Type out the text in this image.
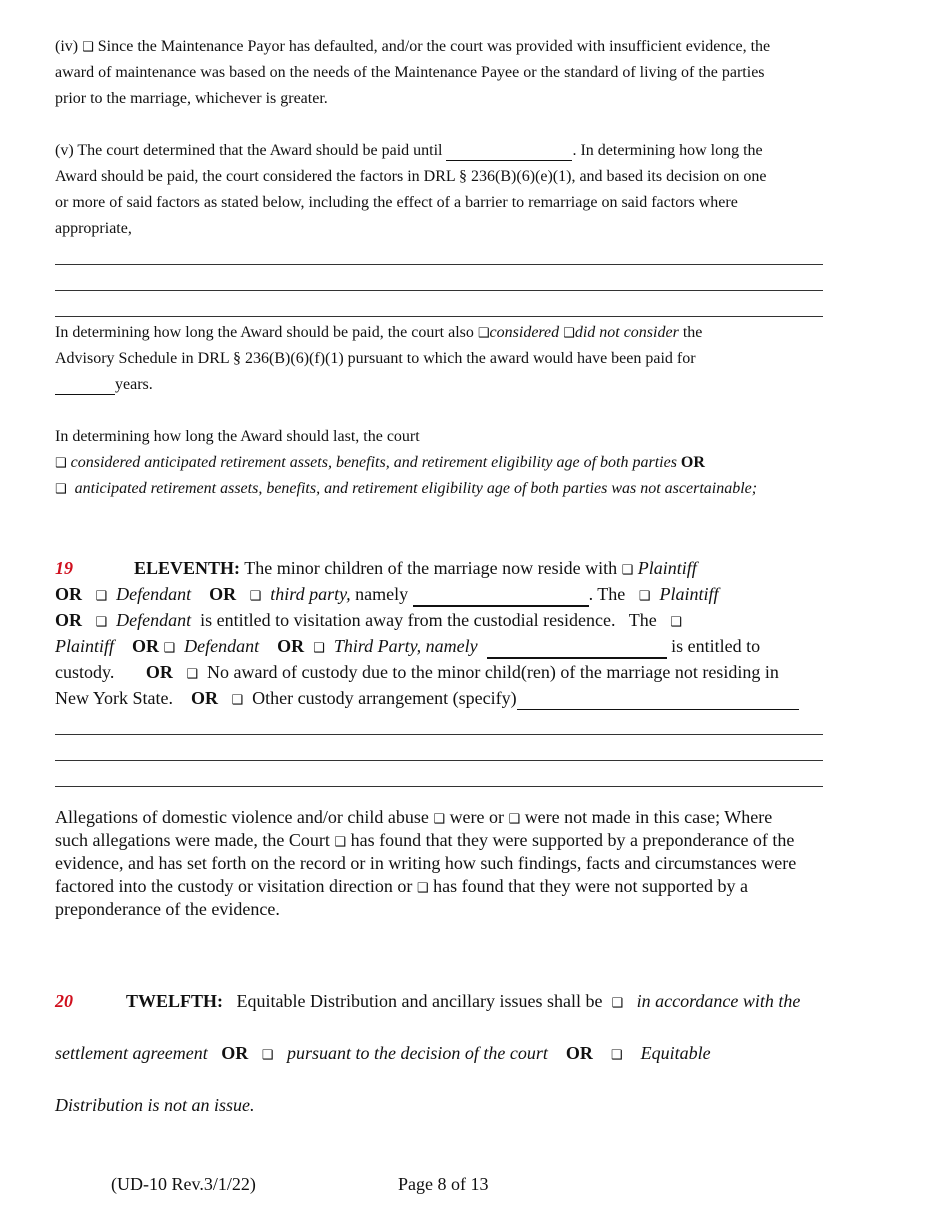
(iv) ❑ Since the Maintenance Payor has defaulted, and/or the court was provided with insufficient evidence, the
award of maintenance was based on the needs of the Maintenance Payee or the standard of living of the parties
prior to the marriage, whichever is greater.
(v) The court determined that the Award should be paid until	. In determining how long the
Award should be paid, the court considered the factors in DRL § 236(B)(6)(e)(1), and based its decision on one
or more of said factors as stated below, including the effect of a barrier to remarriage on said factors where
appropriate,
In determining how long the Award should be paid, the court also ❑considered ❑did not consider the
Advisory Schedule in DRL § 236(B)(6)(f)(1) pursuant to which the award would have been paid for
years.
In determining how long the Award should last, the court
❑ considered anticipated retirement assets, benefits, and retirement eligibility age of both parties OR
❑ anticipated retirement assets, benefits, and retirement eligibility age of both parties was not ascertainable;
19	ELEVENTH: The minor children of the marriage now reside with ❑ Plaintiff
OR ❑ Defendant OR ❑ third party, namely	. The ❑ Plaintiff
OR ❑ Defendant is entitled to visitation away from the custodial residence. The ❑
Plaintiff OR ❑ Defendant OR ❑ Third Party, namely	is entitled to
custody. OR ❑ No award of custody due to the minor child(ren) of the marriage not residing in
New York State. OR ❑ Other custody arrangement (specify)
Allegations of domestic violence and/or child abuse ❑ were or ❑ were not made in this case; Where
such allegations were made, the Court ❑ has found that they were supported by a preponderance of the
evidence, and has set forth on the record or in writing how such findings, facts and circumstances were
factored into the custody or visitation direction or ❑ has found that they were not supported by a
preponderance of the evidence.
20	TWELFTH: Equitable Distribution and ancillary issues shall be ❑ in accordance with the
settlement agreement OR ❑ pursuant to the decision of the court OR ❑ Equitable
Distribution is not an issue.
(UD-10 Rev.3/1/22)	Page 8 of 13
